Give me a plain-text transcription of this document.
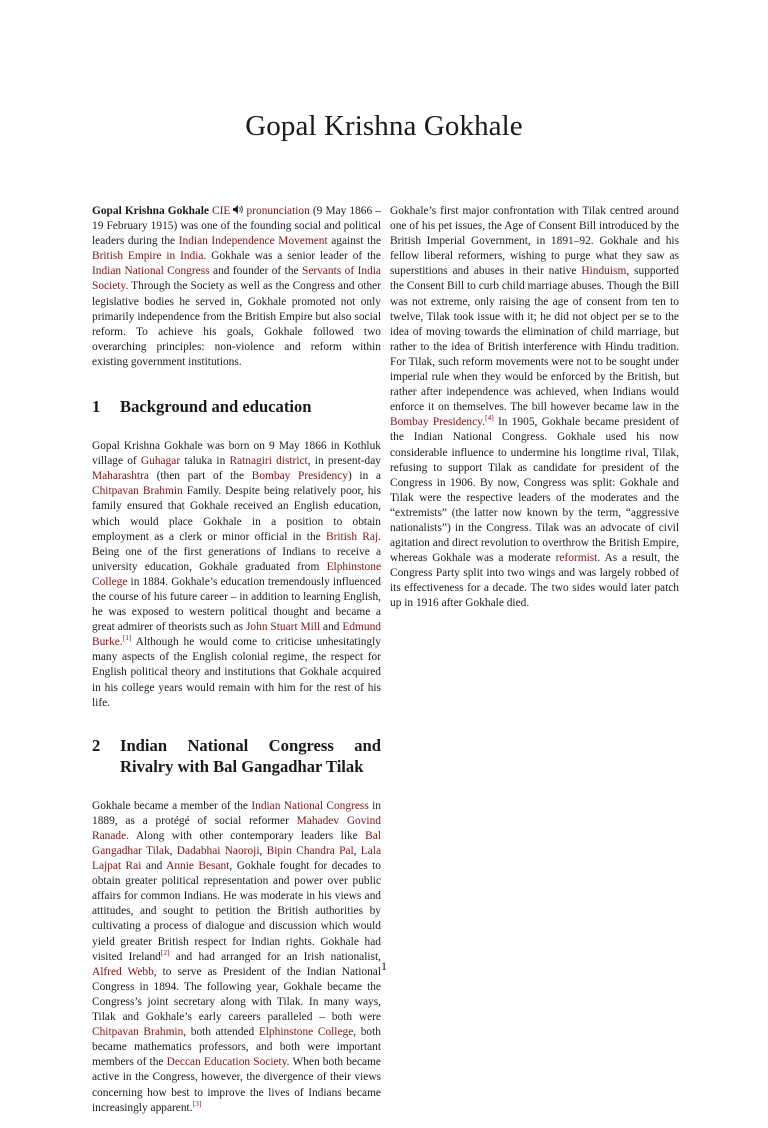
Gopal Krishna Gokhale

Gopal Krishna Gokhale CIE pronunciation (9 May 1866 – 19 February 1915) was one of the founding social and political leaders during the Indian Independence Movement against the British Empire in India. Gokhale was a senior leader of the Indian National Congress and founder of the Servants of India Society. Through the Society as well as the Congress and other legislative bodies he served in, Gokhale promoted not only primarily independence from the British Empire but also social reform. To achieve his goals, Gokhale followed two overarching principles: non-violence and reform within existing government institutions.

1	Background and education

Gopal Krishna Gokhale was born on 9 May 1866 in Kothluk village of Guhagar taluka in Ratnagiri district, in present-day Maharashtra (then part of the Bombay Presidency) in a Chitpavan Brahmin Family. Despite being relatively poor, his family ensured that Gokhale received an English education, which would place Gokhale in a position to obtain employment as a clerk or minor official in the British Raj. Being one of the first generations of Indians to receive a university education, Gokhale graduated from Elphinstone College in 1884. Gokhale’s education tremendously influenced the course of his future career – in addition to learning English, he was exposed to western political thought and became a great admirer of theorists such as John Stuart Mill and Edmund Burke.[1] Although he would come to criticise unhesitatingly many aspects of the English colonial regime, the respect for English political theory and institutions that Gokhale acquired in his college years would remain with him for the rest of his life.

2	Indian National Congress and Rivalry with Bal Gangadhar Tilak

Gokhale became a member of the Indian National Congress in 1889, as a protégé of social reformer Mahadev Govind Ranade. Along with other contemporary leaders like Bal Gangadhar Tilak, Dadabhai Naoroji, Bipin Chandra Pal, Lala Lajpat Rai and Annie Besant, Gokhale fought for decades to obtain greater political representation and power over public affairs for common Indians. He was moderate in his views and attitudes, and sought to petition the British authorities by cultivating a process of dialogue and discussion which would yield greater British respect for Indian rights. Gokhale had visited Ireland[2] and had arranged for an Irish nationalist, Alfred Webb, to serve as President of the Indian National Congress in 1894. The following year, Gokhale became the Congress’s joint secretary along with Tilak. In many ways, Tilak and Gokhale’s early careers paralleled – both were Chitpavan Brahmin, both attended Elphinstone College, both became mathematics professors, and both were important members of the Deccan Education Society. When both became active in the Congress, however, the divergence of their views concerning how best to improve the lives of Indians became increasingly apparent.[3]

Gokhale’s first major confrontation with Tilak centred around one of his pet issues, the Age of Consent Bill introduced by the British Imperial Government, in 1891–92. Gokhale and his fellow liberal reformers, wishing to purge what they saw as superstitions and abuses in their native Hinduism, supported the Consent Bill to curb child marriage abuses. Though the Bill was not extreme, only raising the age of consent from ten to twelve, Tilak took issue with it; he did not object per se to the idea of moving towards the elimination of child marriage, but rather to the idea of British interference with Hindu tradition. For Tilak, such reform movements were not to be sought under imperial rule when they would be enforced by the British, but rather after independence was achieved, when Indians would enforce it on themselves. The bill however became law in the Bombay Presidency.[4] In 1905, Gokhale became president of the Indian National Congress. Gokhale used his now considerable influence to undermine his longtime rival, Tilak, refusing to support Tilak as candidate for president of the Congress in 1906. By now, Congress was split: Gokhale and Tilak were the respective leaders of the moderates and the “extremists” (the latter now known by the term, “aggressive nationalists”) in the Congress. Tilak was an advocate of civil agitation and direct revolution to overthrow the British Empire, whereas Gokhale was a moderate reformist. As a result, the Congress Party split into two wings and was largely robbed of its effectiveness for a decade. The two sides would later patch up in 1916 after Gokhale died.

1
